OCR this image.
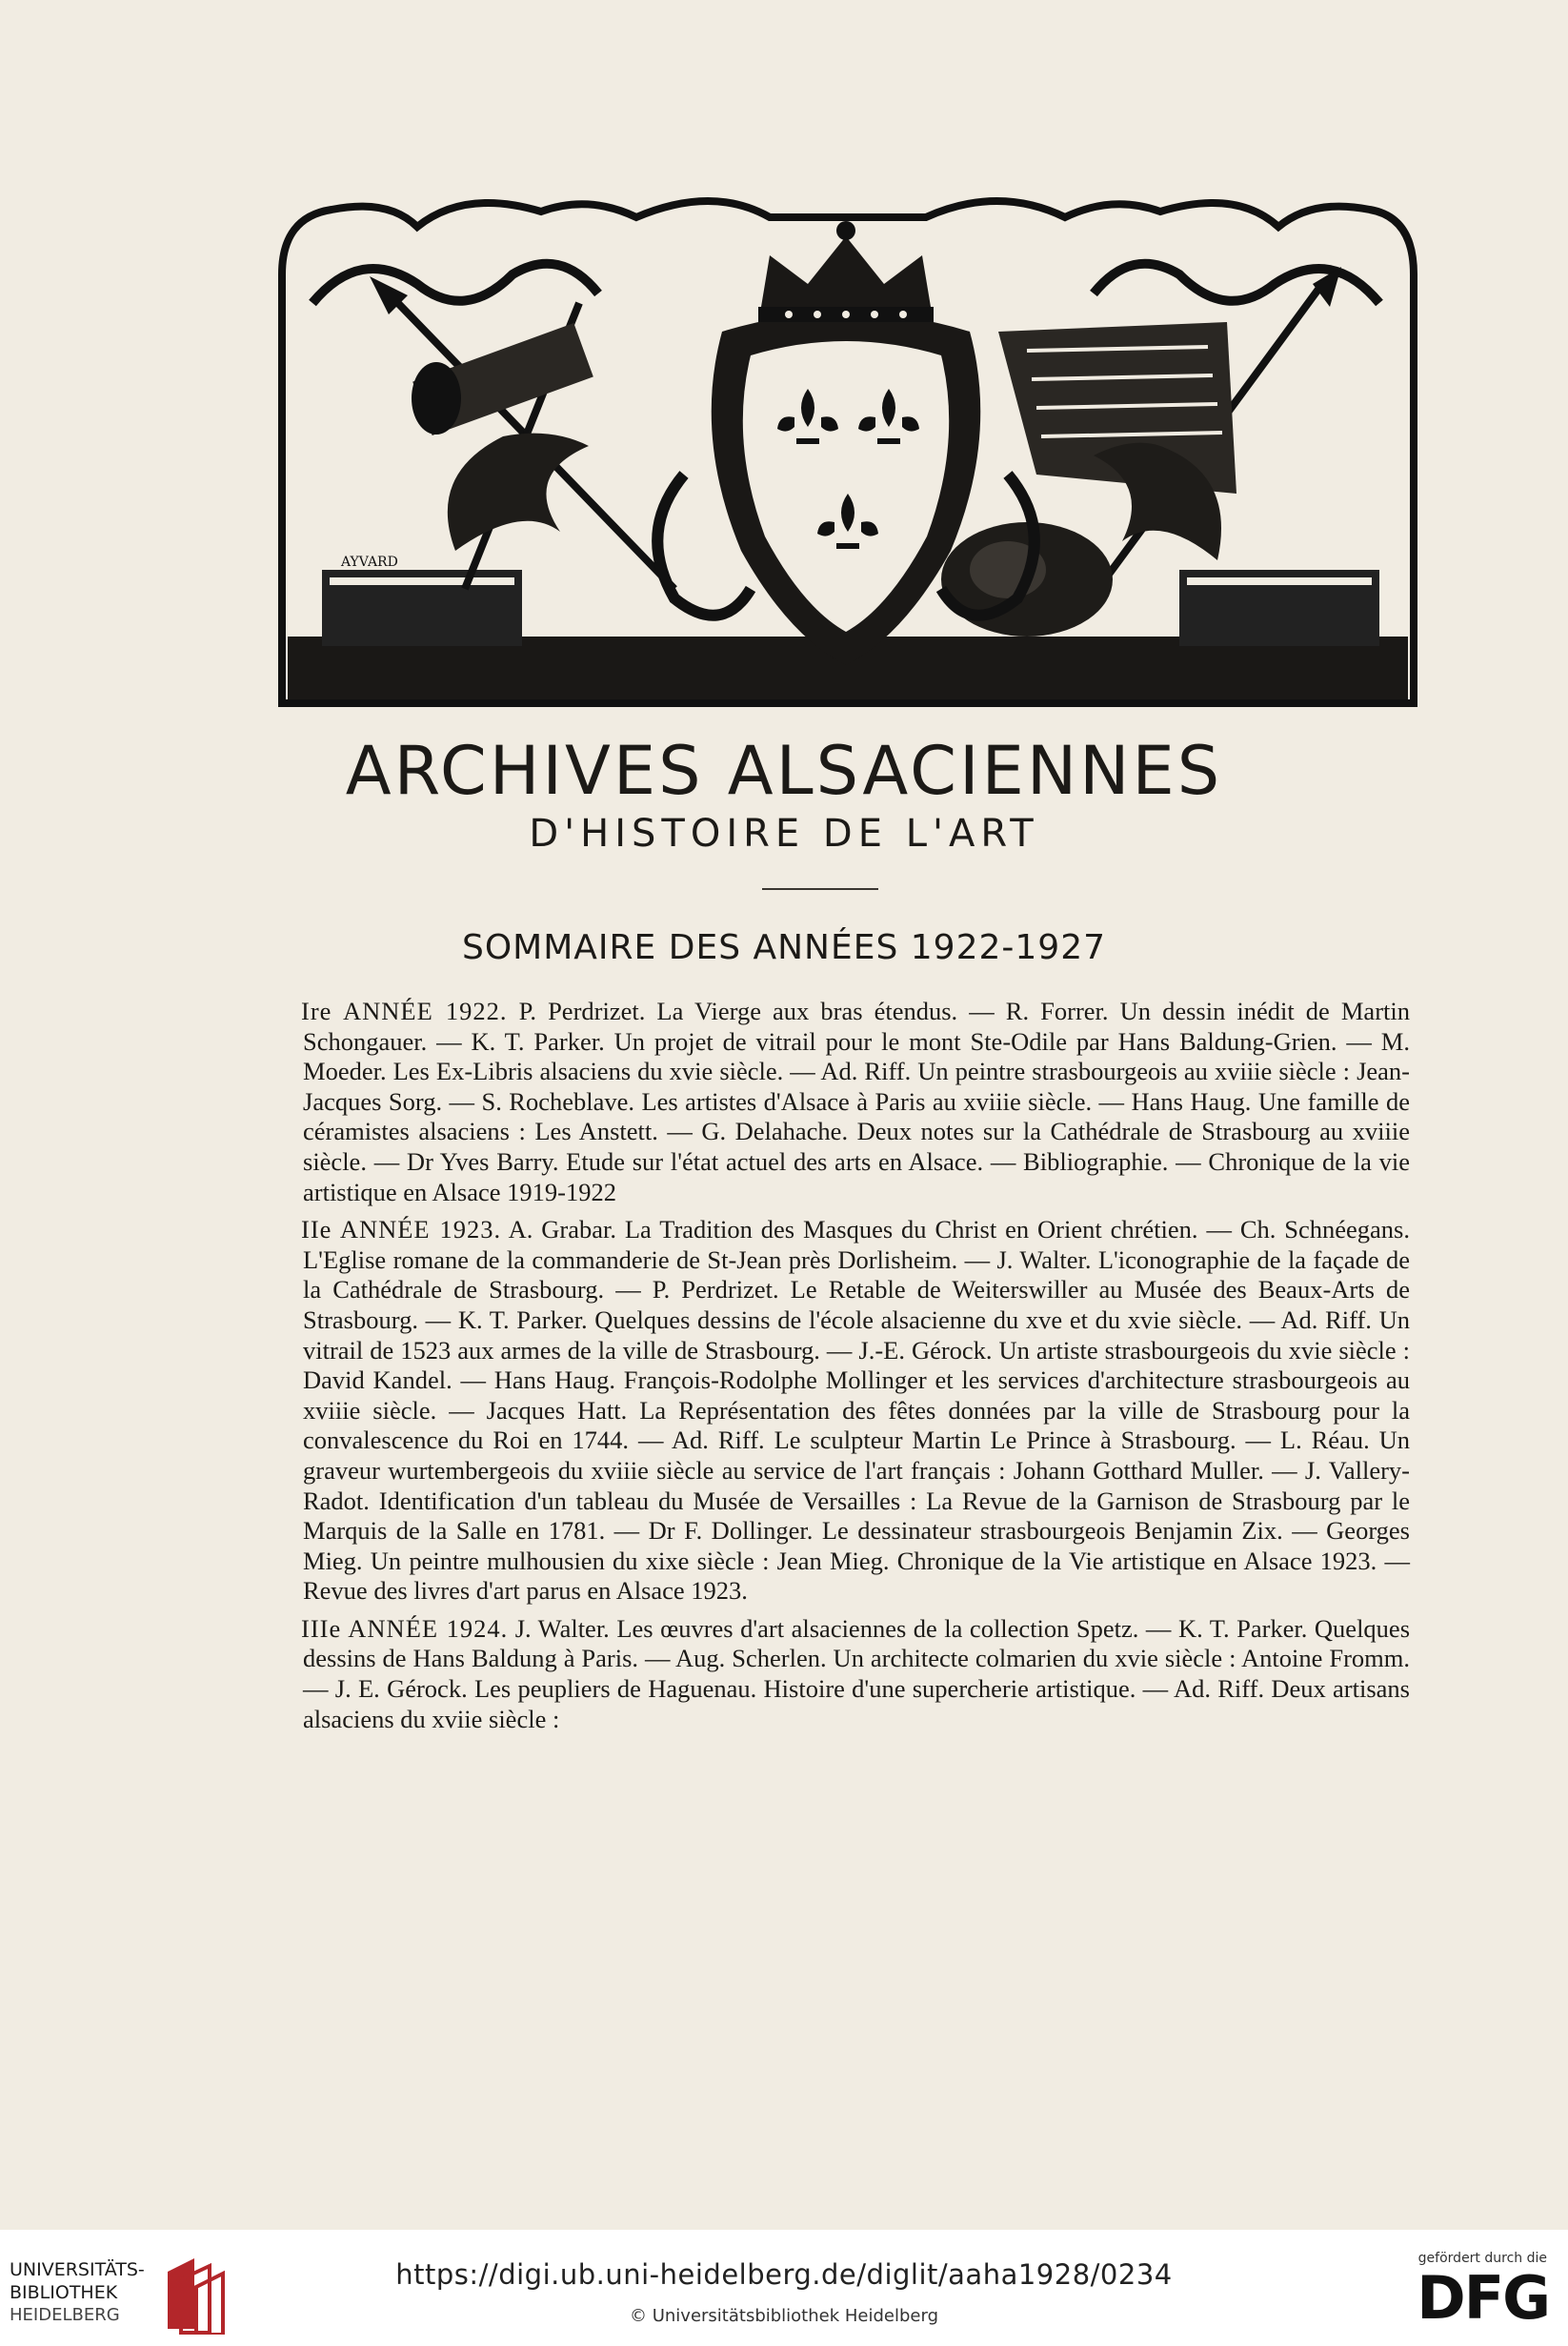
AYVARD
ARCHIVES ALSACIENNES
D'HISTOIRE DE L'ART
SOMMAIRE DES ANNÉES 1922-1927

Ire ANNÉE 1922. P. Perdrizet. La Vierge aux bras étendus. — R. Forrer. Un dessin inédit de Martin Schongauer. — K. T. Parker. Un projet de vitrail pour le mont Ste-Odile par Hans Baldung-Grien. — M. Moeder. Les Ex-Libris alsaciens du xvie siècle. — Ad. Riff. Un peintre strasbourgeois au xviiie siècle : Jean-Jacques Sorg. — S. Rocheblave. Les artistes d'Alsace à Paris au xviiie siècle. — Hans Haug. Une famille de céramistes alsaciens : Les Anstett. — G. Delahache. Deux notes sur la Cathédrale de Strasbourg au xviiie siècle. — Dr Yves Barry. Etude sur l'état actuel des arts en Alsace. — Bibliographie. — Chronique de la vie artistique en Alsace 1919-1922

IIe ANNÉE 1923. A. Grabar. La Tradition des Masques du Christ en Orient chrétien. — Ch. Schnéegans. L'Eglise romane de la commanderie de St-Jean près Dorlisheim. — J. Walter. L'iconographie de la façade de la Cathédrale de Strasbourg. — P. Perdrizet. Le Retable de Weiterswiller au Musée des Beaux-Arts de Strasbourg. — K. T. Parker. Quelques dessins de l'école alsacienne du xve et du xvie siècle. — Ad. Riff. Un vitrail de 1523 aux armes de la ville de Strasbourg. — J.-E. Gérock. Un artiste strasbourgeois du xvie siècle : David Kandel. — Hans Haug. François-Rodolphe Mollinger et les services d'architecture strasbourgeois au xviiie siècle. — Jacques Hatt. La Représentation des fêtes données par la ville de Strasbourg pour la convalescence du Roi en 1744. — Ad. Riff. Le sculpteur Martin Le Prince à Strasbourg. — L. Réau. Un graveur wurtembergeois du xviiie siècle au service de l'art français : Johann Gotthard Muller. — J. Vallery-Radot. Identification d'un tableau du Musée de Versailles : La Revue de la Garnison de Strasbourg par le Marquis de la Salle en 1781. — Dr F. Dollinger. Le dessinateur strasbourgeois Benjamin Zix. — Georges Mieg. Un peintre mulhousien du xixe siècle : Jean Mieg. Chronique de la Vie artistique en Alsace 1923. — Revue des livres d'art parus en Alsace 1923.

IIIe ANNÉE 1924. J. Walter. Les œuvres d'art alsaciennes de la collection Spetz. — K. T. Parker. Quelques dessins de Hans Baldung à Paris. — Aug. Scherlen. Un architecte colmarien du xvie siècle : Antoine Fromm. — J. E. Gérock. Les peupliers de Haguenau. Histoire d'une supercherie artistique. — Ad. Riff. Deux artisans alsaciens du xviie siècle :

UNIVERSITÄTS-
BIBLIOTHEK
HEIDELBERG
https://digi.ub.uni-heidelberg.de/diglit/aaha1928/0234
© Universitätsbibliothek Heidelberg
gefördert durch die
DFG
